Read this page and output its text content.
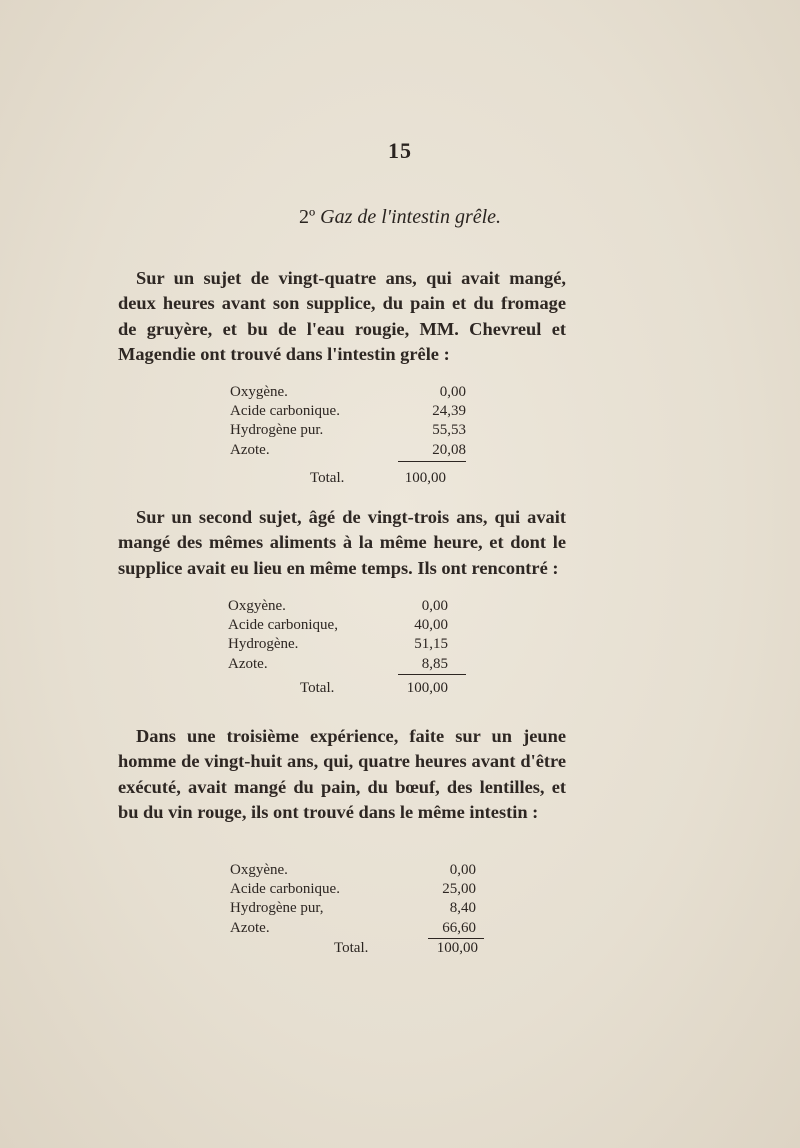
15
2º Gaz de l'intestin grêle.
Sur un sujet de vingt-quatre ans, qui avait mangé, deux heures avant son supplice, du pain et du fromage de gruyère, et bu de l'eau rougie, MM. Chevreul et Magendie ont trouvé dans l'intestin grêle :
Oxygène.	0,00
Acide carbonique.	24,39
Hydrogène pur.	55,53
Azote.	20,08
Total.	100,00
Sur un second sujet, âgé de vingt-trois ans, qui avait mangé des mêmes aliments à la même heure, et dont le supplice avait eu lieu en même temps. Ils ont rencontré :
Oxgyène.	0,00
Acide carbonique,	40,00
Hydrogène.	51,15
Azote.	8,85
Total.	100,00
Dans une troisième expérience, faite sur un jeune homme de vingt-huit ans, qui, quatre heures avant d'être exécuté, avait mangé du pain, du bœuf, des lentilles, et bu du vin rouge, ils ont trouvé dans le même intestin :
Oxgyène.	0,00
Acide carbonique.	25,00
Hydrogène pur,	8,40
Azote.	66,60
Total.	100,00
